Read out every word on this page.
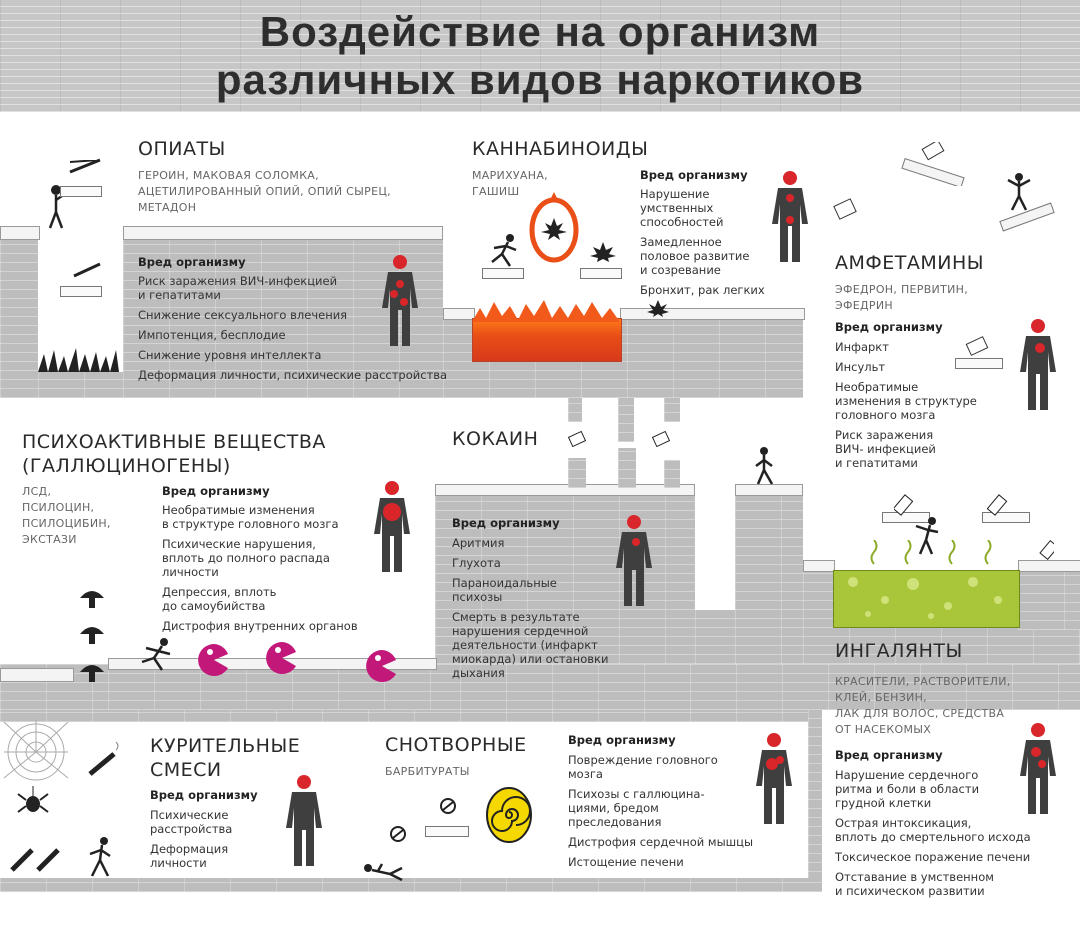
Воздействие на организм
различных видов наркотиков
ОПИАТЫ
ГЕРОИН, МАКОВАЯ СОЛОМКА,
АЦЕТИЛИРОВАННЫЙ ОПИЙ, ОПИЙ СЫРЕЦ,
МЕТАДОН
Вред организму
Риск заражения ВИЧ-инфекцией
и гепатитами
Снижение сексуального влечения
Импотенция, бесплодие
Снижение уровня интеллекта
Деформация личности, психические расстройства
КАННАБИНОИДЫ
МАРИХУАНА,
ГАШИШ
Вред организму
Нарушение
умственных
способностей
Замедленное
половое развитие
и созревание
Бронхит, рак легких
АМФЕТАМИНЫ
ЭФЕДРОН, ПЕРВИТИН,
ЭФЕДРИН
Вред организму
Инфаркт
Инсульт
Необратимые
изменения в структуре
головного мозга
Риск заражения
ВИЧ- инфекцией
и гепатитами
ПСИХОАКТИВНЫЕ ВЕЩЕСТВА
(ГАЛЛЮЦИНОГЕНЫ)
ЛСД,
ПСИЛОЦИН,
ПСИЛОЦИБИН,
ЭКСТАЗИ
Вред организму
Необратимые изменения
в структуре головного мозга
Психические нарушения,
вплоть до полного распада
личности
Депрессия, вплоть
до самоубийства
Дистрофия внутренних органов
КОКАИН
Вред организму
Аритмия
Глухота
Параноидальные
психозы
Смерть в результате
нарушения сердечной
деятельности (инфаркт
миокарда) или остановки
дыхания
ИНГАЛЯНТЫ
КРАСИТЕЛИ, РАСТВОРИТЕЛИ,
КЛЕЙ, БЕНЗИН,
ЛАК ДЛЯ ВОЛОС, СРЕДСТВА
ОТ НАСЕКОМЫХ
Вред организму
Нарушение сердечного
ритма и боли в области
грудной клетки
Острая интоксикация,
вплоть до смертельного исхода
Токсическое поражение печени
Отставание в умственном
и психическом развитии
КУРИТЕЛЬНЫЕ
СМЕСИ
Вред организму
Психические
расстройства
Деформация
личности
СНОТВОРНЫЕ
БАРБИТУРАТЫ
Вред организму
Повреждение головного
мозга
Психозы с галлюцина-
циями, бредом
преследования
Дистрофия сердечной мышцы
Истощение печени
